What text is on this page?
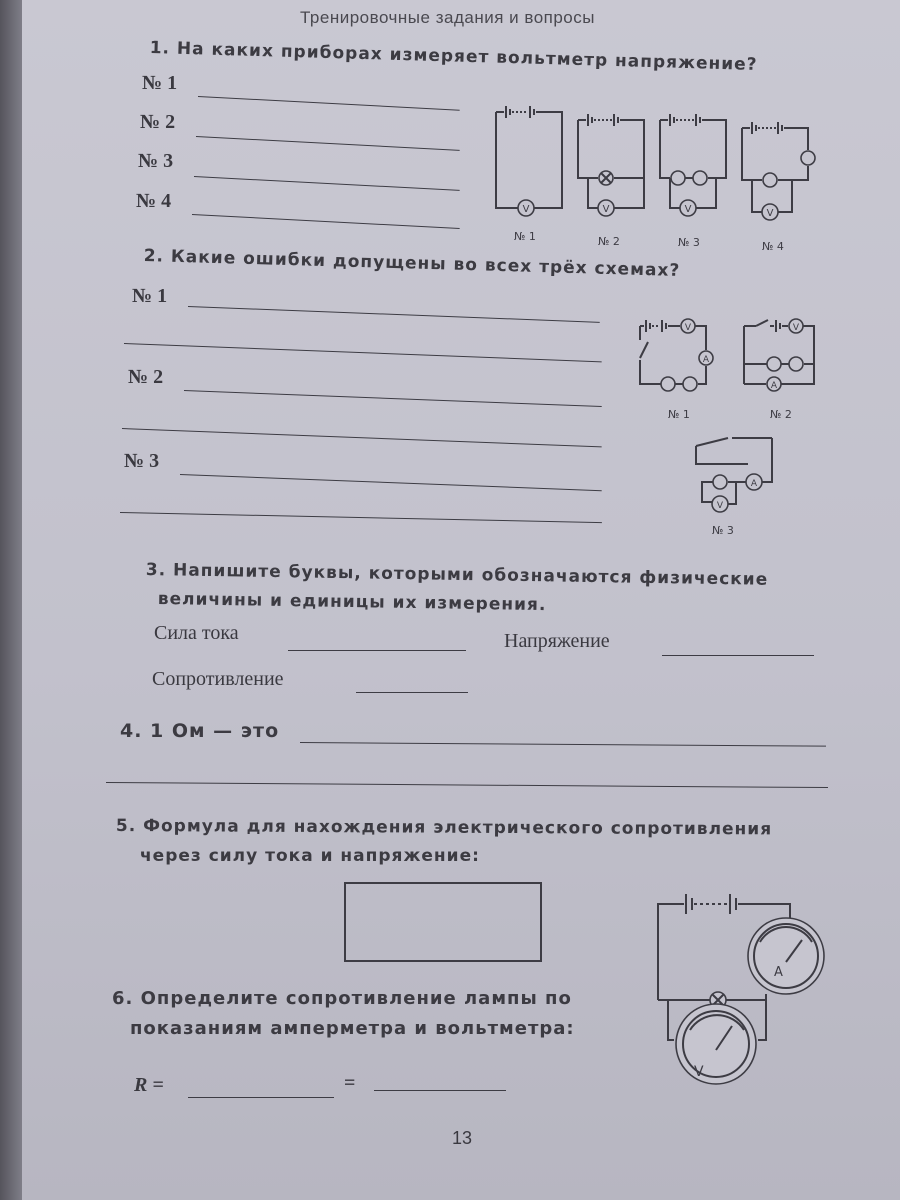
Тренировочные задания и вопросы
1. На каких приборах измеряет вольтметр напряжение?
№ 1
№ 2
№ 3
№ 4	V	V	V	V
№ 1	№ 2	№ 3	№ 4
2. Какие ошибки допущены во всех трёх схемах?
№ 1
№ 2
№ 3
V
A
V
A
A
V
№ 1	№ 2
№ 3
3. Напишите буквы, которыми обозначаются физические
величины и единицы их измерения.
Сила тока	Напряжение
Сопротивление
4. 1 Ом — это
5. Формула для нахождения электрического сопротивления
через силу тока и напряжение:
6. Определите сопротивление лампы по
показаниям амперметра и вольтметра:
R =	=
A
V
13
